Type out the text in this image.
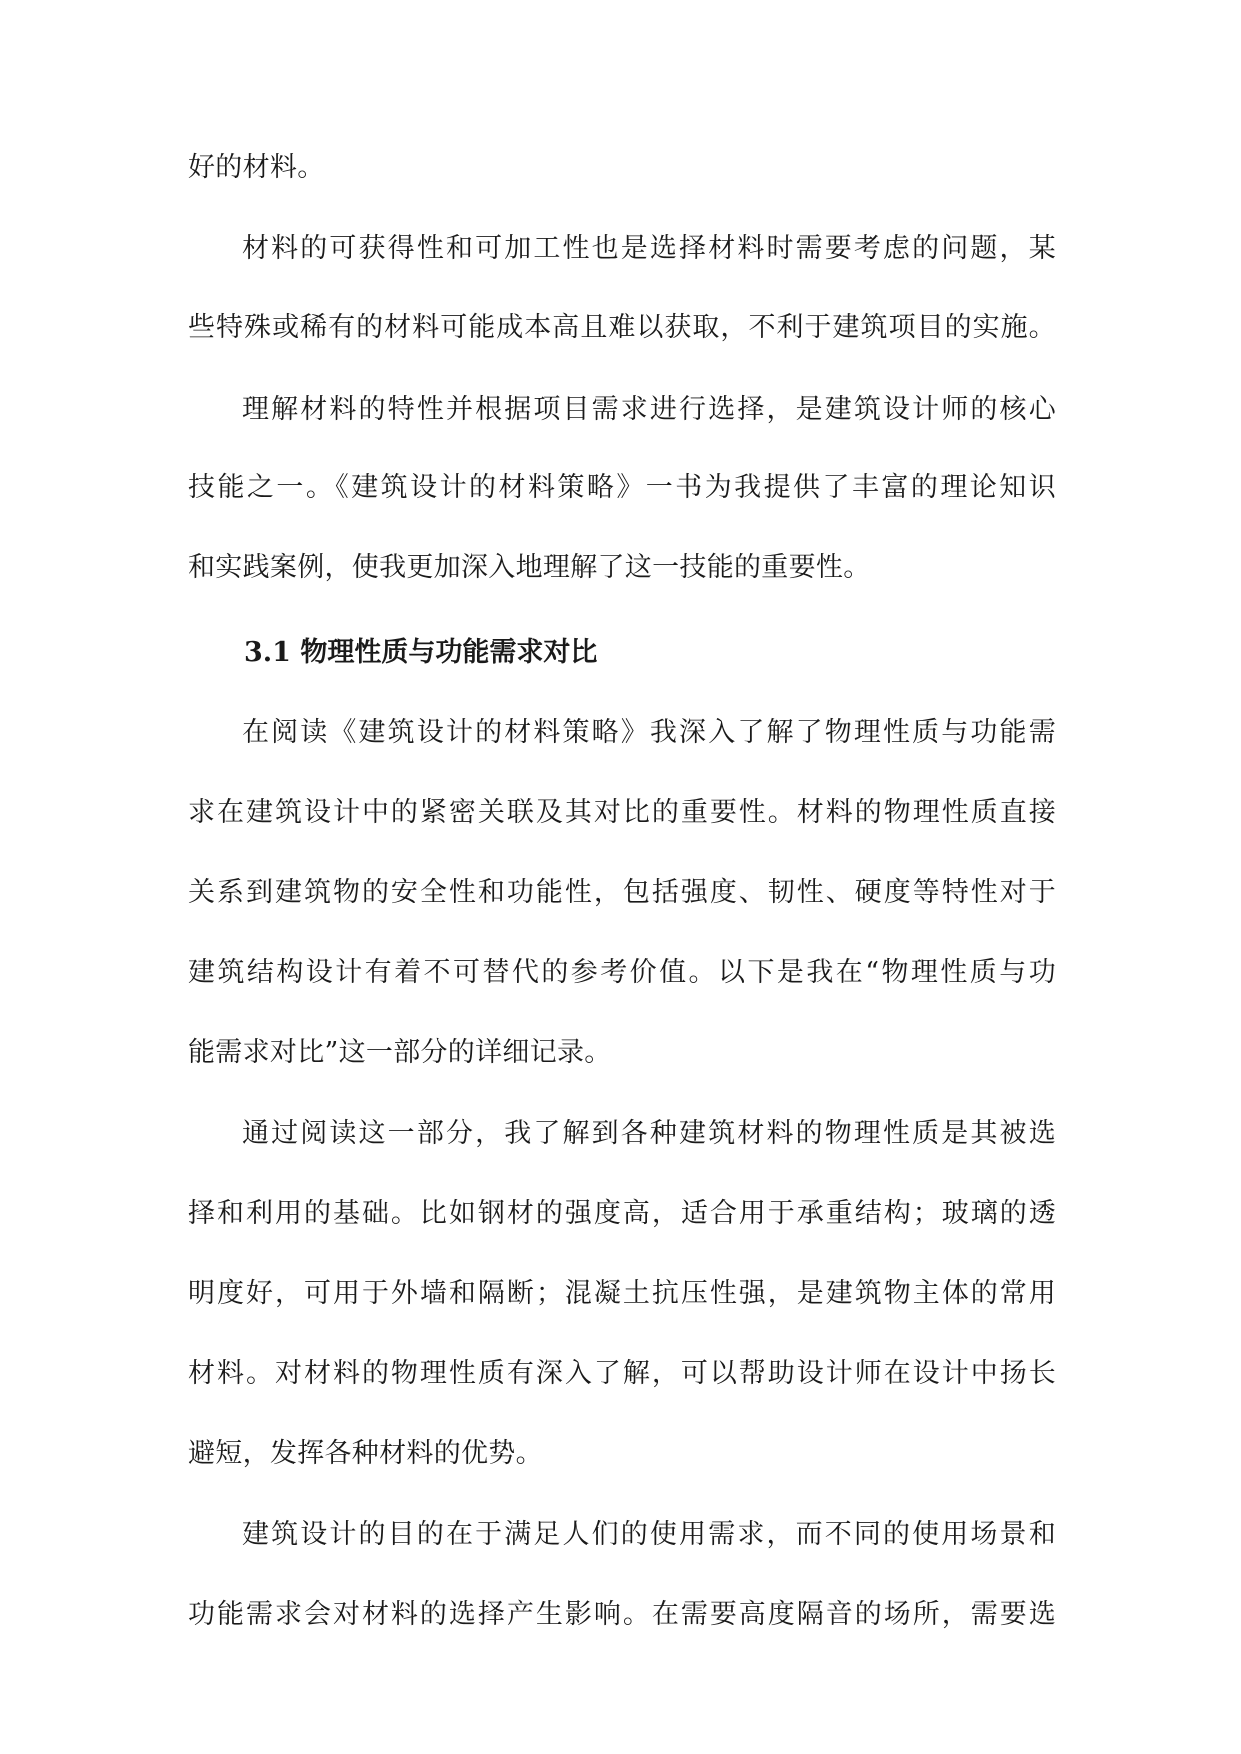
好的材料。
材料的可获得性和可加工性也是选择材料时需要考虑的问题，某
些特殊或稀有的材料可能成本高且难以获取，不利于建筑项目的实施。
理解材料的特性并根据项目需求进行选择，是建筑设计师的核心
技能之一。《建筑设计的材料策略》一书为我提供了丰富的理论知识
和实践案例，使我更加深入地理解了这一技能的重要性。
3.1 物理性质与功能需求对比
在阅读《建筑设计的材料策略》我深入了解了物理性质与功能需
求在建筑设计中的紧密关联及其对比的重要性。材料的物理性质直接
关系到建筑物的安全性和功能性，包括强度、韧性、硬度等特性对于
建筑结构设计有着不可替代的参考价值。以下是我在“物理性质与功
能需求对比”这一部分的详细记录。
通过阅读这一部分，我了解到各种建筑材料的物理性质是其被选
择和利用的基础。比如钢材的强度高，适合用于承重结构；玻璃的透
明度好，可用于外墙和隔断；混凝土抗压性强，是建筑物主体的常用
材料。对材料的物理性质有深入了解，可以帮助设计师在设计中扬长
避短，发挥各种材料的优势。
建筑设计的目的在于满足人们的使用需求，而不同的使用场景和
功能需求会对材料的选择产生影响。在需要高度隔音的场所，需要选
